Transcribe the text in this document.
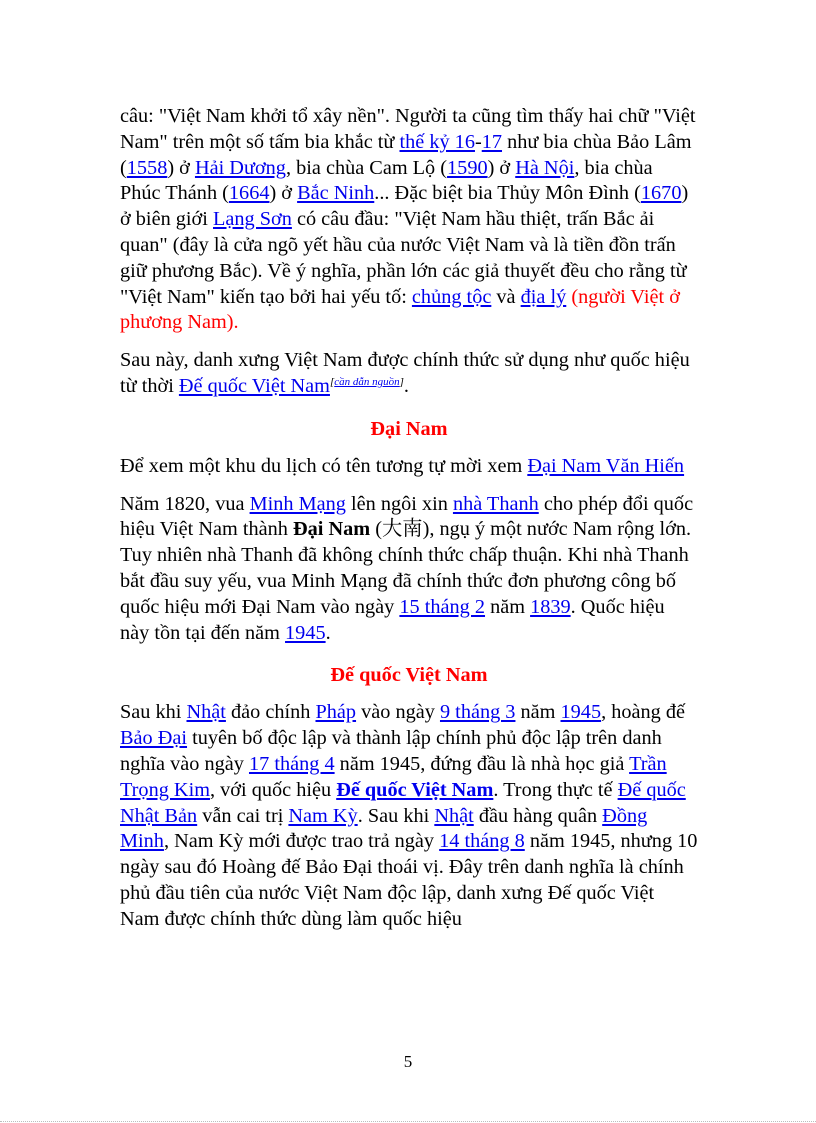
câu: "Việt Nam khởi tổ xây nền". Người ta cũng tìm thấy hai chữ "Việt Nam" trên một số tấm bia khắc từ thế kỷ 16-17 như bia chùa Bảo Lâm (1558) ở Hải Dương, bia chùa Cam Lộ (1590) ở Hà Nội, bia chùa Phúc Thánh (1664) ở Bắc Ninh... Đặc biệt bia Thủy Môn Đình (1670) ở biên giới Lạng Sơn có câu đầu: "Việt Nam hầu thiệt, trấn Bắc ải quan" (đây là cửa ngõ yết hầu của nước Việt Nam và là tiền đồn trấn giữ phương Bắc). Về ý nghĩa, phần lớn các giả thuyết đều cho rằng từ "Việt Nam" kiến tạo bởi hai yếu tố: chủng tộc và địa lý (người Việt ở phương Nam).

Sau này, danh xưng Việt Nam được chính thức sử dụng như quốc hiệu từ thời Đế quốc Việt Nam[cần dẫn nguồn].

Đại Nam

Để xem một khu du lịch có tên tương tự mời xem Đại Nam Văn Hiến

Năm 1820, vua Minh Mạng lên ngôi xin nhà Thanh cho phép đổi quốc hiệu Việt Nam thành Đại Nam (大南), ngụ ý một nước Nam rộng lớn. Tuy nhiên nhà Thanh đã không chính thức chấp thuận. Khi nhà Thanh bắt đầu suy yếu, vua Minh Mạng đã chính thức đơn phương công bố quốc hiệu mới Đại Nam vào ngày 15 tháng 2 năm 1839. Quốc hiệu này tồn tại đến năm 1945.

Đế quốc Việt Nam

Sau khi Nhật đảo chính Pháp vào ngày 9 tháng 3 năm 1945, hoàng đế Bảo Đại tuyên bố độc lập và thành lập chính phủ độc lập trên danh nghĩa vào ngày 17 tháng 4 năm 1945, đứng đầu là nhà học giả Trần Trọng Kim, với quốc hiệu Đế quốc Việt Nam. Trong thực tế Đế quốc Nhật Bản vẫn cai trị Nam Kỳ. Sau khi Nhật đầu hàng quân Đồng Minh, Nam Kỳ mới được trao trả ngày 14 tháng 8 năm 1945, nhưng 10 ngày sau đó Hoàng đế Bảo Đại thoái vị. Đây trên danh nghĩa là chính phủ đầu tiên của nước Việt Nam độc lập, danh xưng Đế quốc Việt Nam được chính thức dùng làm quốc hiệu

5
